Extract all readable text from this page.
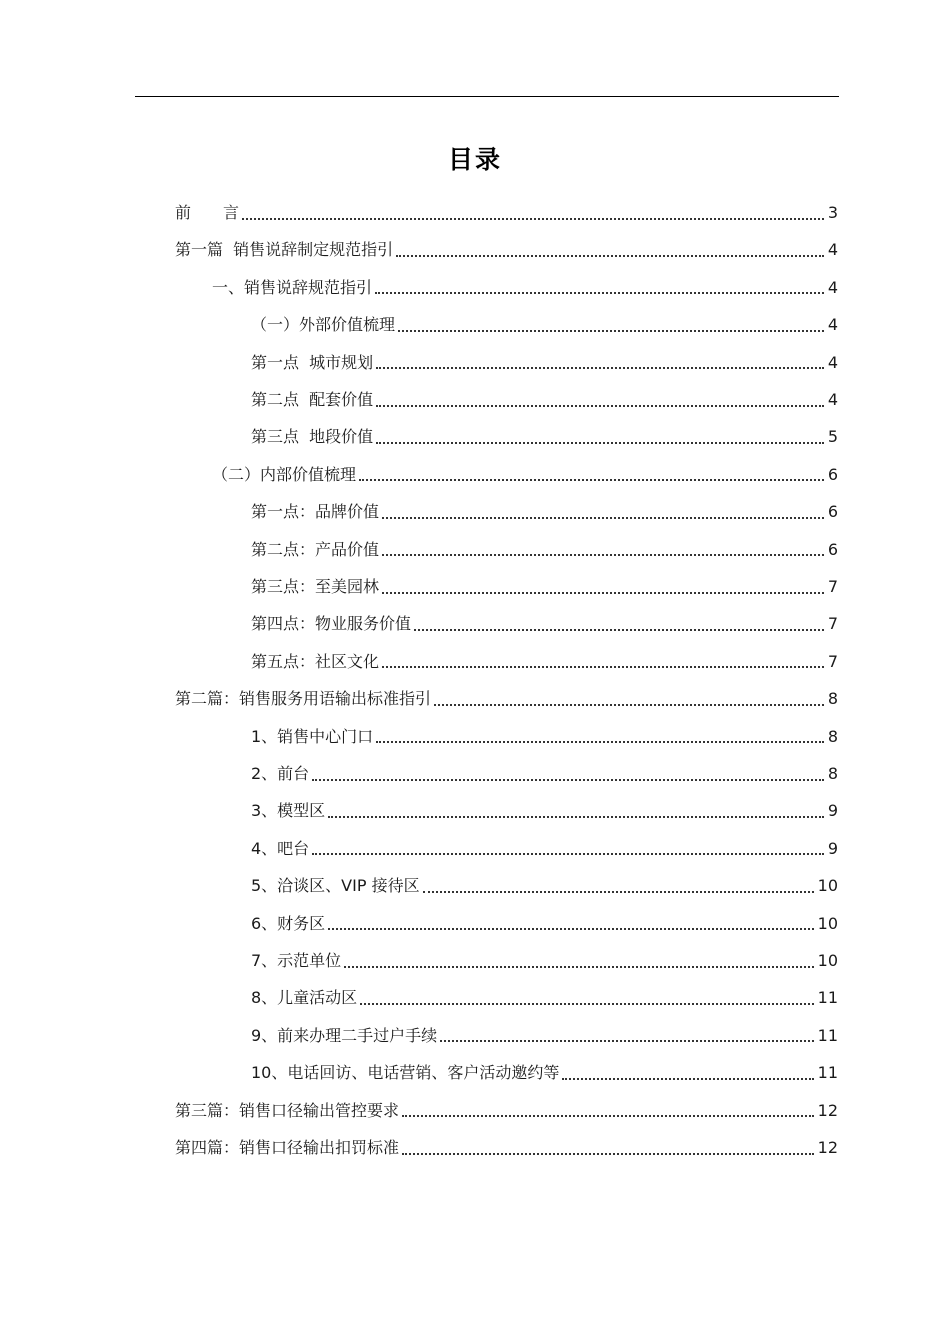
目录
前　　言	3
第一篇  销售说辞制定规范指引	4
一、销售说辞规范指引	4
（一）外部价值梳理	4
第一点  城市规划	4
第二点  配套价值	4
第三点  地段价值	5
（二）内部价值梳理	6
第一点：品牌价值	6
第二点：产品价值	6
第三点：至美园林	7
第四点：物业服务价值	7
第五点：社区文化	7
第二篇：销售服务用语输出标准指引	8
1、销售中心门口	8
2、前台	8
3、模型区	9
4、吧台	9
5、洽谈区、VIP 接待区	10
6、财务区	10
7、示范单位	10
8、儿童活动区	11
9、前来办理二手过户手续	11
10、电话回访、电话营销、客户活动邀约等	11
第三篇：销售口径输出管控要求	12
第四篇：销售口径输出扣罚标准	12
